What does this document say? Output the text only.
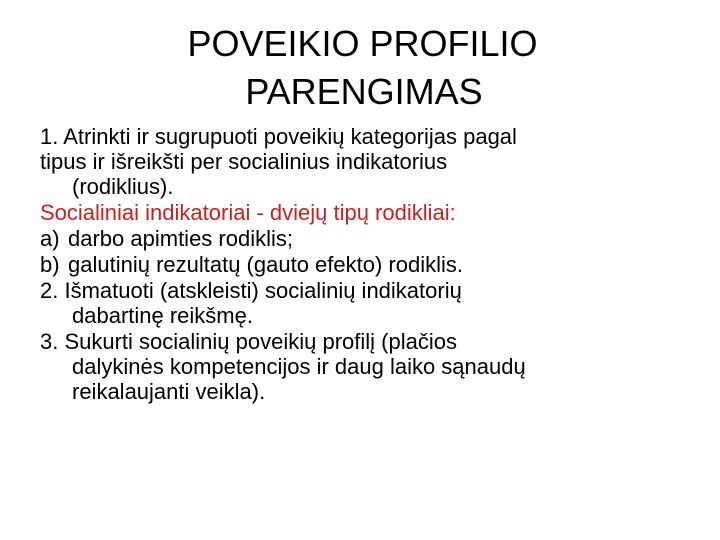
POVEIKIO PROFILIO
PARENGIMAS
1. Atrinkti ir sugrupuoti poveikių kategorijas pagal
tipus ir išreikšti per socialinius indikatorius
(rodiklius).
Socialiniai indikatoriai - dviejų tipų rodikliai:
a) darbo apimties rodiklis;
b) galutinių rezultatų (gauto efekto) rodiklis.
2. Išmatuoti (atskleisti) socialinių indikatorių
dabartinę reikšmę.
3. Sukurti socialinių poveikių profilį (plačios
dalykinės kompetencijos ir daug laiko sąnaudų
reikalaujanti veikla).
